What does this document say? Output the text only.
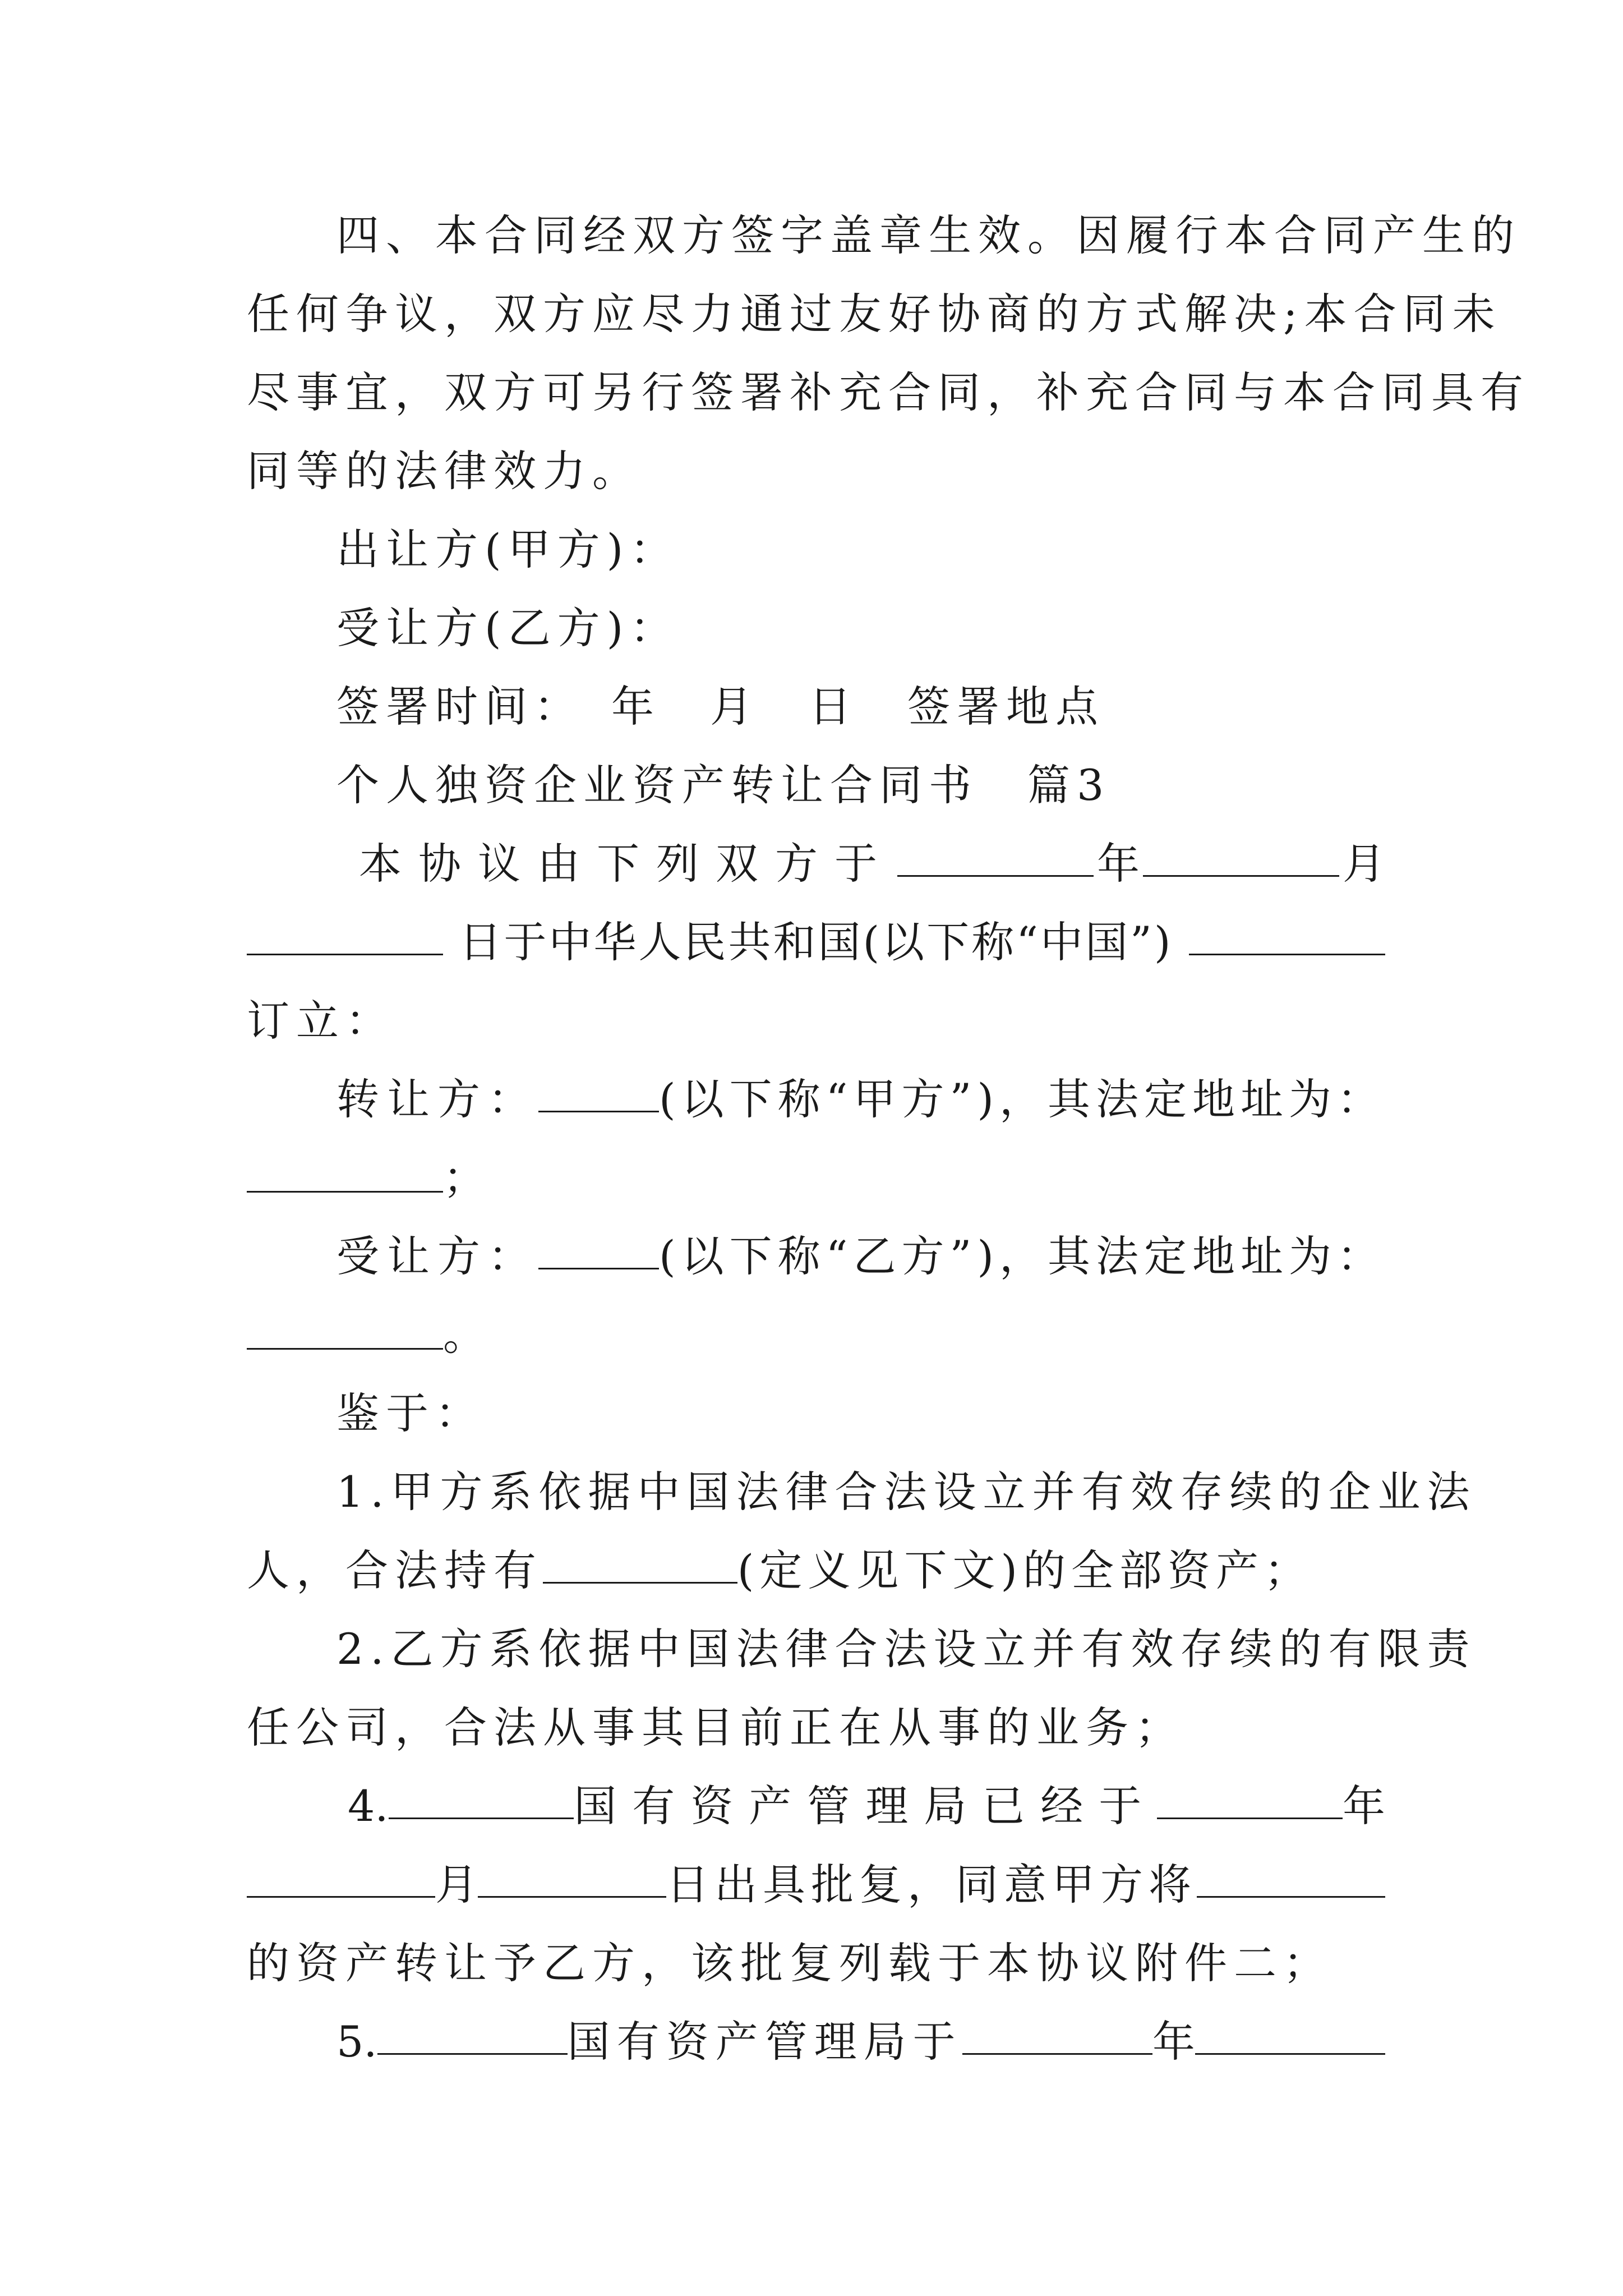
四、本合同经双方签字盖章生效。因履行本合同产生的
任何争议，双方应尽力通过友好协商的方式解决;本合同未
尽事宜，双方可另行签署补充合同，补充合同与本合同具有
同等的法律效力。
出让方(甲方)：
受让方(乙方)：
签署时间：　年　月　日　签署地点
个人独资企业资产转让合同书　篇3
本协议由下列双方于	年	月
日于中华人民共和国(以下称“中国”)
订立：
转让方：	(以下称“甲方”)，其法定地址为：
；
受让方：	(以下称“乙方”)，其法定地址为：
。
鉴于：
1.甲方系依据中国法律合法设立并有效存续的企业法
人，合法持有	(定义见下文)的全部资产；
2.乙方系依据中国法律合法设立并有效存续的有限责
任公司，合法从事其目前正在从事的业务；
4.	国有资产管理局已经于	年
月	日出具批复，同意甲方将
的资产转让予乙方，该批复列载于本协议附件二；
5.	国有资产管理局于	年
